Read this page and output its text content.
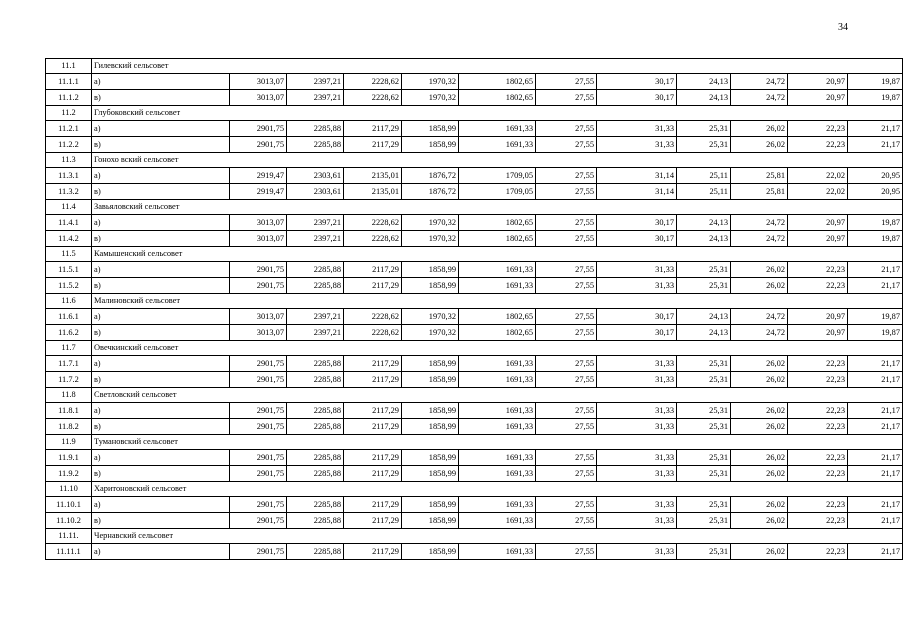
34
11.1	Гилевский сельсовет											
11.1.1	а)	3013,07	2397,21	2228,62	1970,32	1802,65	27,55	30,17	24,13	24,72	20,97	19,87
11.1.2	в)	3013,07	2397,21	2228,62	1970,32	1802,65	27,55	30,17	24,13	24,72	20,97	19,87
11.2	Глубоковский сельсовет											
11.2.1	а)	2901,75	2285,88	2117,29	1858,99	1691,33	27,55	31,33	25,31	26,02	22,23	21,17
11.2.2	в)	2901,75	2285,88	2117,29	1858,99	1691,33	27,55	31,33	25,31	26,02	22,23	21,17
11.3	Гонохо вский сельсовет											
11.3.1	а)	2919,47	2303,61	2135,01	1876,72	1709,05	27,55	31,14	25,11	25,81	22,02	20,95
11.3.2	в)	2919,47	2303,61	2135,01	1876,72	1709,05	27,55	31,14	25,11	25,81	22,02	20,95
11.4	Завьяловский сельсовет											
11.4.1	а)	3013,07	2397,21	2228,62	1970,32	1802,65	27,55	30,17	24,13	24,72	20,97	19,87
11.4.2	в)	3013,07	2397,21	2228,62	1970,32	1802,65	27,55	30,17	24,13	24,72	20,97	19,87
11.5	Камышенский сельсовет											
11.5.1	а)	2901,75	2285,88	2117,29	1858,99	1691,33	27,55	31,33	25,31	26,02	22,23	21,17
11.5.2	в)	2901,75	2285,88	2117,29	1858,99	1691,33	27,55	31,33	25,31	26,02	22,23	21,17
11.6	Малиновский сельсовет											
11.6.1	а)	3013,07	2397,21	2228,62	1970,32	1802,65	27,55	30,17	24,13	24,72	20,97	19,87
11.6.2	в)	3013,07	2397,21	2228,62	1970,32	1802,65	27,55	30,17	24,13	24,72	20,97	19,87
11.7	Овечкинский сельсовет											
11.7.1	а)	2901,75	2285,88	2117,29	1858,99	1691,33	27,55	31,33	25,31	26,02	22,23	21,17
11.7.2	в)	2901,75	2285,88	2117,29	1858,99	1691,33	27,55	31,33	25,31	26,02	22,23	21,17
11.8	Светловский сельсовет											
11.8.1	а)	2901,75	2285,88	2117,29	1858,99	1691,33	27,55	31,33	25,31	26,02	22,23	21,17
11.8.2	в)	2901,75	2285,88	2117,29	1858,99	1691,33	27,55	31,33	25,31	26,02	22,23	21,17
11.9	Тумановский сельсовет											
11.9.1	а)	2901,75	2285,88	2117,29	1858,99	1691,33	27,55	31,33	25,31	26,02	22,23	21,17
11.9.2	в)	2901,75	2285,88	2117,29	1858,99	1691,33	27,55	31,33	25,31	26,02	22,23	21,17
11.10	Харитоновский сельсовет											
11.10.1	а)	2901,75	2285,88	2117,29	1858,99	1691,33	27,55	31,33	25,31	26,02	22,23	21,17
11.10.2	в)	2901,75	2285,88	2117,29	1858,99	1691,33	27,55	31,33	25,31	26,02	22,23	21,17
11.11.	Чернавский сельсовет											
11.11.1	а)	2901,75	2285,88	2117,29	1858,99	1691,33	27,55	31,33	25,31	26,02	22,23	21,17
